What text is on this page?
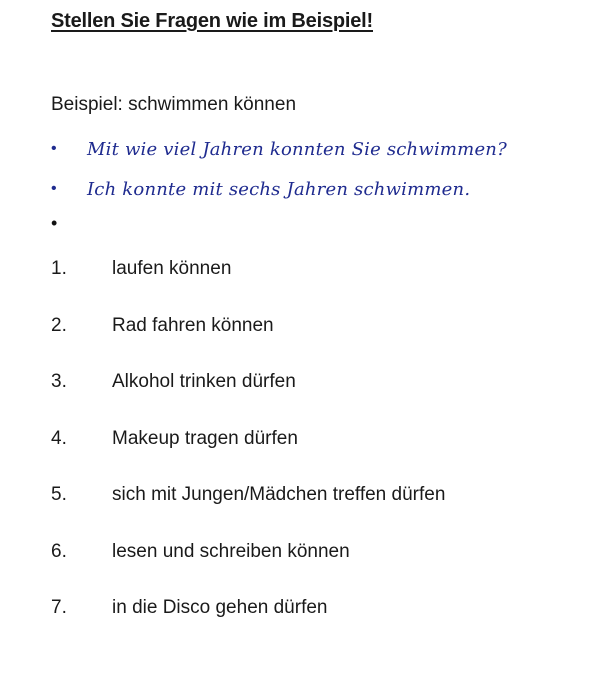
Stellen Sie Fragen wie im Beispiel!
Beispiel: schwimmen können
•	Mit wie viel Jahren konnten Sie schwimmen?
•	Ich konnte mit sechs Jahren schwimmen.
•
1.	laufen können
2.	Rad fahren können
3.	Alkohol trinken dürfen
4.	Makeup tragen dürfen
5.	sich mit Jungen/Mädchen treffen dürfen
6.	lesen und schreiben können
7.	in die Disco gehen dürfen
